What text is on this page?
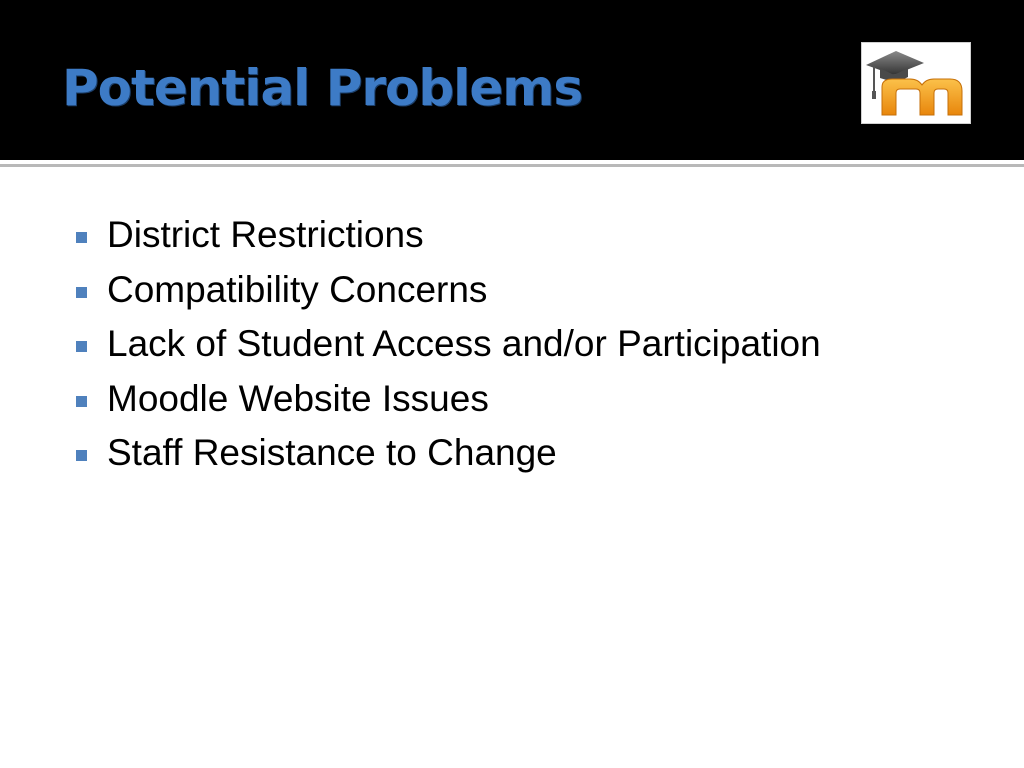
Potential Problems
District Restrictions
Compatibility Concerns
Lack of Student Access and/or Participation
Moodle Website Issues
Staff Resistance to Change
